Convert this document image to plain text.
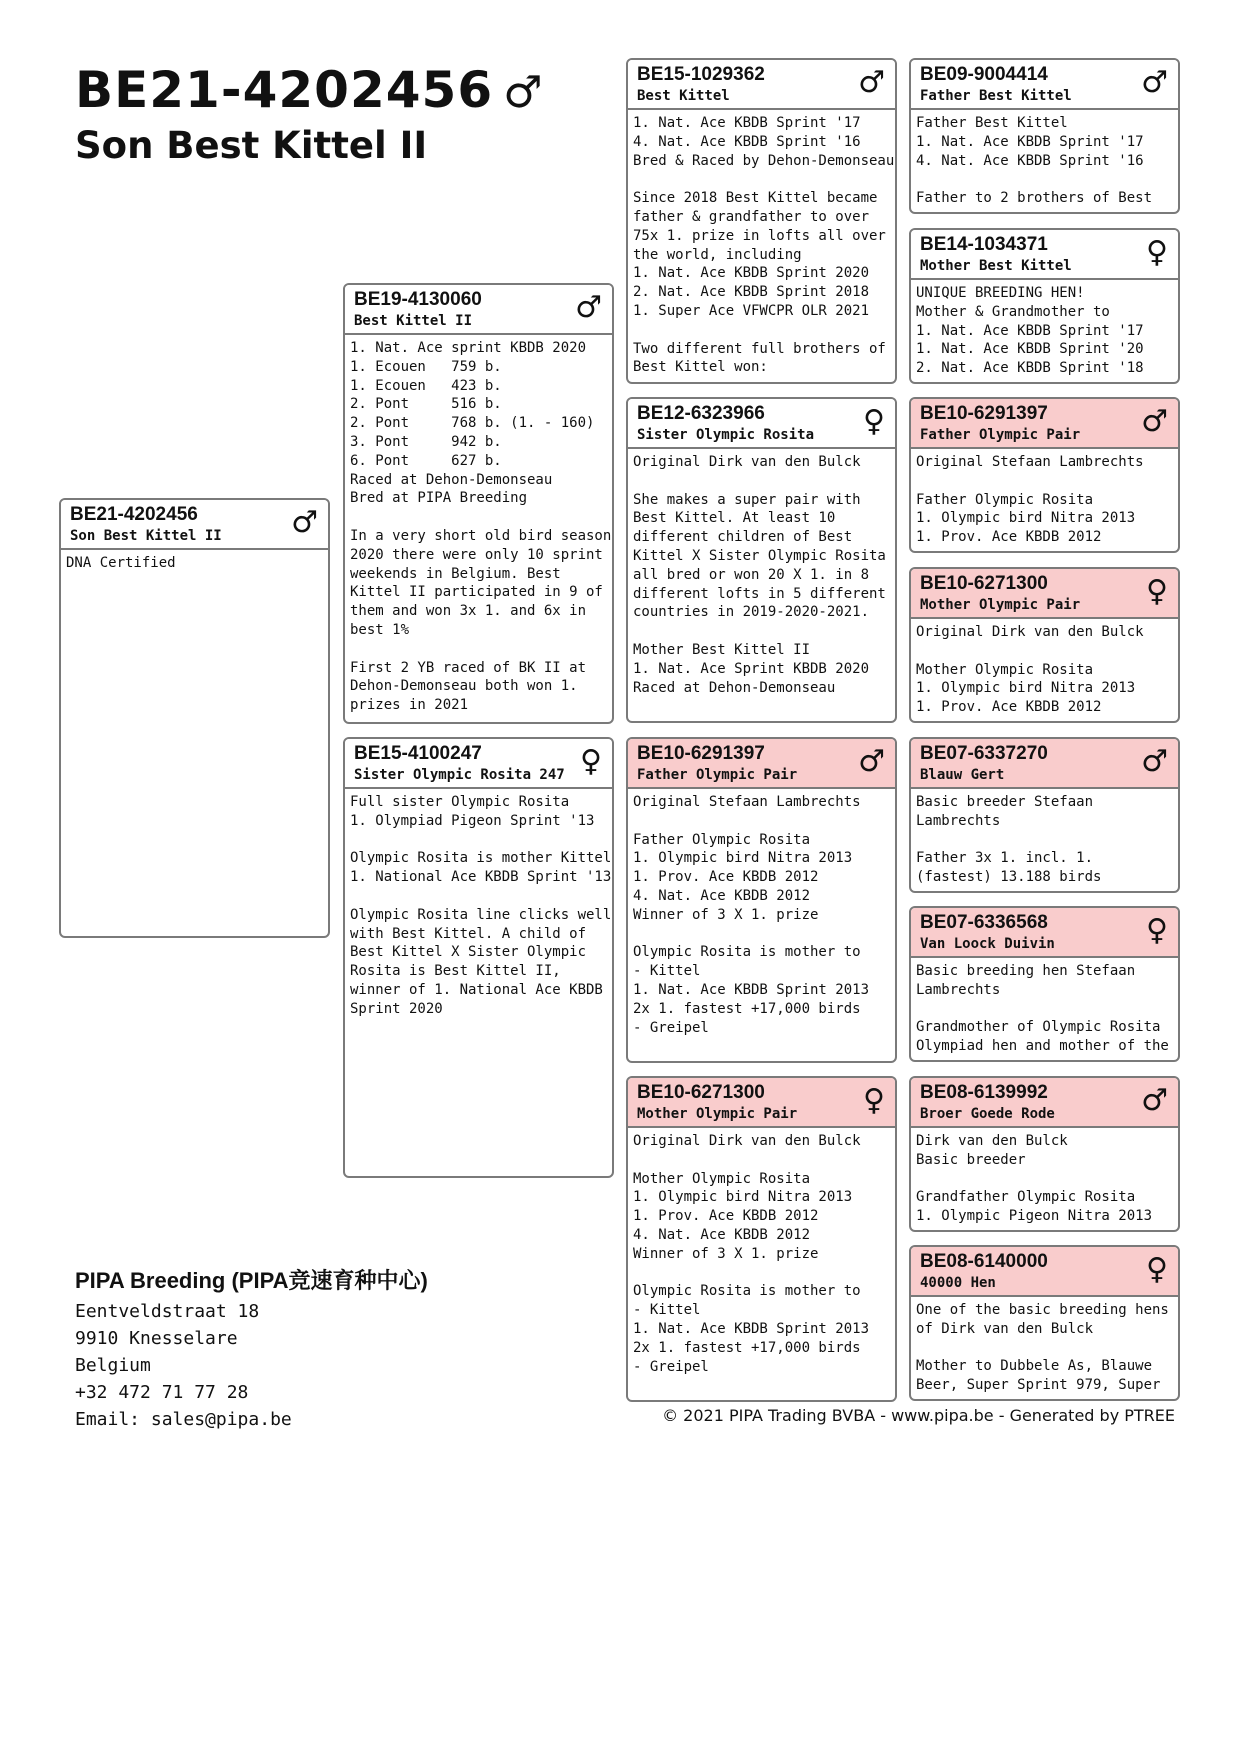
BE21-4202456 ♂
Son Best Kittel II
BE21-4202456
Son Best Kittel II ♂
DNA Certified
BE19-4130060
Best Kittel II	♂
1. Nat. Ace sprint KBDB 2020
1. Ecouen   759 b.
1. Ecouen   423 b.
2. Pont     516 b.
2. Pont     768 b. (1. - 160)
3. Pont     942 b.
6. Pont     627 b.
Raced at Dehon-Demonseau
Bred at PIPA Breeding

In a very short old bird season
2020 there were only 10 sprint
weekends in Belgium. Best
Kittel II participated in 9 of
them and won 3x 1. and 6x in
best 1%

First 2 YB raced of BK II at
Dehon-Demonseau both won 1.
prizes in 2021
BE15-4100247
Sister Olympic Rosita 247 ♀
Full sister Olympic Rosita
1. Olympiad Pigeon Sprint '13

Olympic Rosita is mother Kittel
1. National Ace KBDB Sprint '13

Olympic Rosita line clicks well
with Best Kittel. A child of
Best Kittel X Sister Olympic
Rosita is Best Kittel II,
winner of 1. National Ace KBDB
Sprint 2020
BE15-1029362
Best Kittel	♂
1. Nat. Ace KBDB Sprint '17
4. Nat. Ace KBDB Sprint '16
Bred & Raced by Dehon-Demonseau

Since 2018 Best Kittel became
father & grandfather to over
75x 1. prize in lofts all over
the world, including
1. Nat. Ace KBDB Sprint 2020
2. Nat. Ace KBDB Sprint 2018
1. Super Ace VFWCPR OLR 2021

Two different full brothers of
Best Kittel won:
BE12-6323966
Sister Olympic Rosita ♀
Original Dirk van den Bulck

She makes a super pair with
Best Kittel. At least 10
different children of Best
Kittel X Sister Olympic Rosita
all bred or won 20 X 1. in 8
different lofts in 5 different
countries in 2019-2020-2021.

Mother Best Kittel II
1. Nat. Ace Sprint KBDB 2020
Raced at Dehon-Demonseau
BE10-6291397
Father Olympic Pair ♂
Original Stefaan Lambrechts

Father Olympic Rosita
1. Olympic bird Nitra 2013
1. Prov. Ace KBDB 2012
4. Nat. Ace KBDB 2012
Winner of 3 X 1. prize

Olympic Rosita is mother to
- Kittel
1. Nat. Ace KBDB Sprint 2013
2x 1. fastest +17,000 birds
- Greipel
BE10-6271300
Mother Olympic Pair ♀
Original Dirk van den Bulck

Mother Olympic Rosita
1. Olympic bird Nitra 2013
1. Prov. Ace KBDB 2012
4. Nat. Ace KBDB 2012
Winner of 3 X 1. prize

Olympic Rosita is mother to
- Kittel
1. Nat. Ace KBDB Sprint 2013
2x 1. fastest +17,000 birds
- Greipel
BE09-9004414
Father Best Kittel ♂
Father Best Kittel
1. Nat. Ace KBDB Sprint '17
4. Nat. Ace KBDB Sprint '16

Father to 2 brothers of Best
BE14-1034371
Mother Best Kittel ♀
UNIQUE BREEDING HEN!
Mother & Grandmother to
1. Nat. Ace KBDB Sprint '17
1. Nat. Ace KBDB Sprint '20
2. Nat. Ace KBDB Sprint '18
BE10-6291397
Father Olympic Pair ♂
Original Stefaan Lambrechts

Father Olympic Rosita
1. Olympic bird Nitra 2013
1. Prov. Ace KBDB 2012
BE10-6271300
Mother Olympic Pair ♀
Original Dirk van den Bulck

Mother Olympic Rosita
1. Olympic bird Nitra 2013
1. Prov. Ace KBDB 2012
BE07-6337270
Blauw Gert	♂
Basic breeder Stefaan
Lambrechts

Father 3x 1. incl. 1.
(fastest) 13.188 birds
BE07-6336568
Van Loock Duivin	♀
Basic breeding hen Stefaan
Lambrechts

Grandmother of Olympic Rosita
Olympiad hen and mother of the
BE08-6139992
Broer Goede Rode	♂
Dirk van den Bulck
Basic breeder

Grandfather Olympic Rosita
1. Olympic Pigeon Nitra 2013
BE08-6140000
40000 Hen	♀
One of the basic breeding hens
of Dirk van den Bulck

Mother to Dubbele As, Blauwe
Beer, Super Sprint 979, Super
PIPA Breeding (PIPA竞速育种中心)
Eentveldstraat 18
9910 Knesselare
Belgium
+32 472 71 77 28
Email: sales@pipa.be	© 2021 PIPA Trading BVBA - www.pipa.be - Generated by PTREE
